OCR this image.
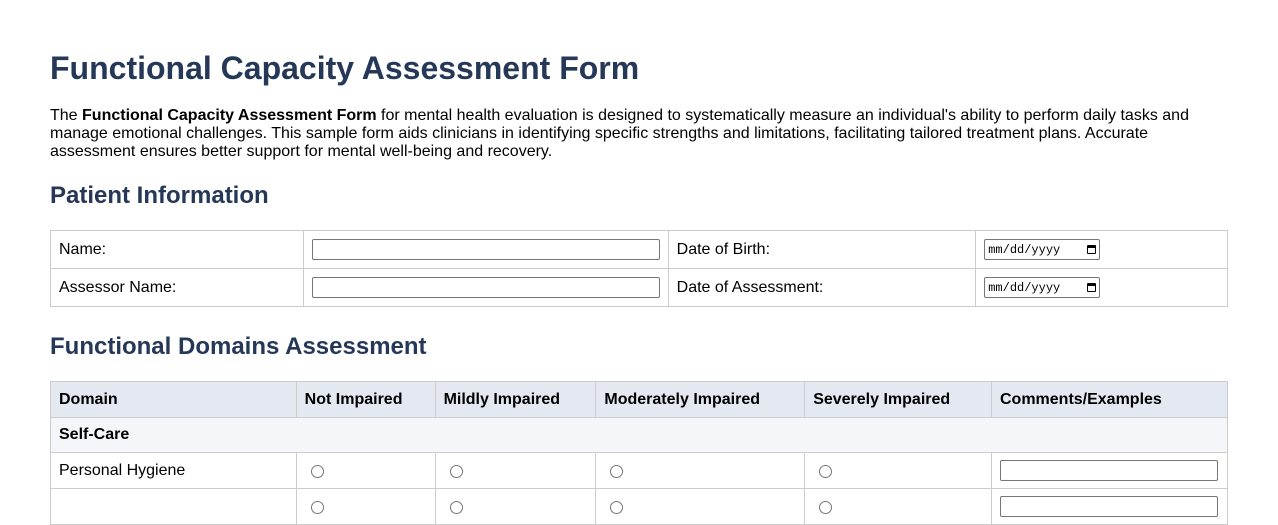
Functional Capacity Assessment Form

The Functional Capacity Assessment Form for mental health evaluation is designed to systematically measure an individual's ability to perform daily tasks and manage emotional challenges. This sample form aids clinicians in identifying specific strengths and limitations, facilitating tailored treatment plans. Accurate assessment ensures better support for mental well-being and recovery.

Patient Information
Name:		Date of Birth:	mm/dd/yyyy

Assessor Name:		Date of Assessment:	mm/dd/yyyy
Functional Domains Assessment
Domain	Not Impaired	Mildly Impaired	Moderately Impaired	Severely Impaired	Comments/Examples
Self-Care					
Personal Hygiene					
